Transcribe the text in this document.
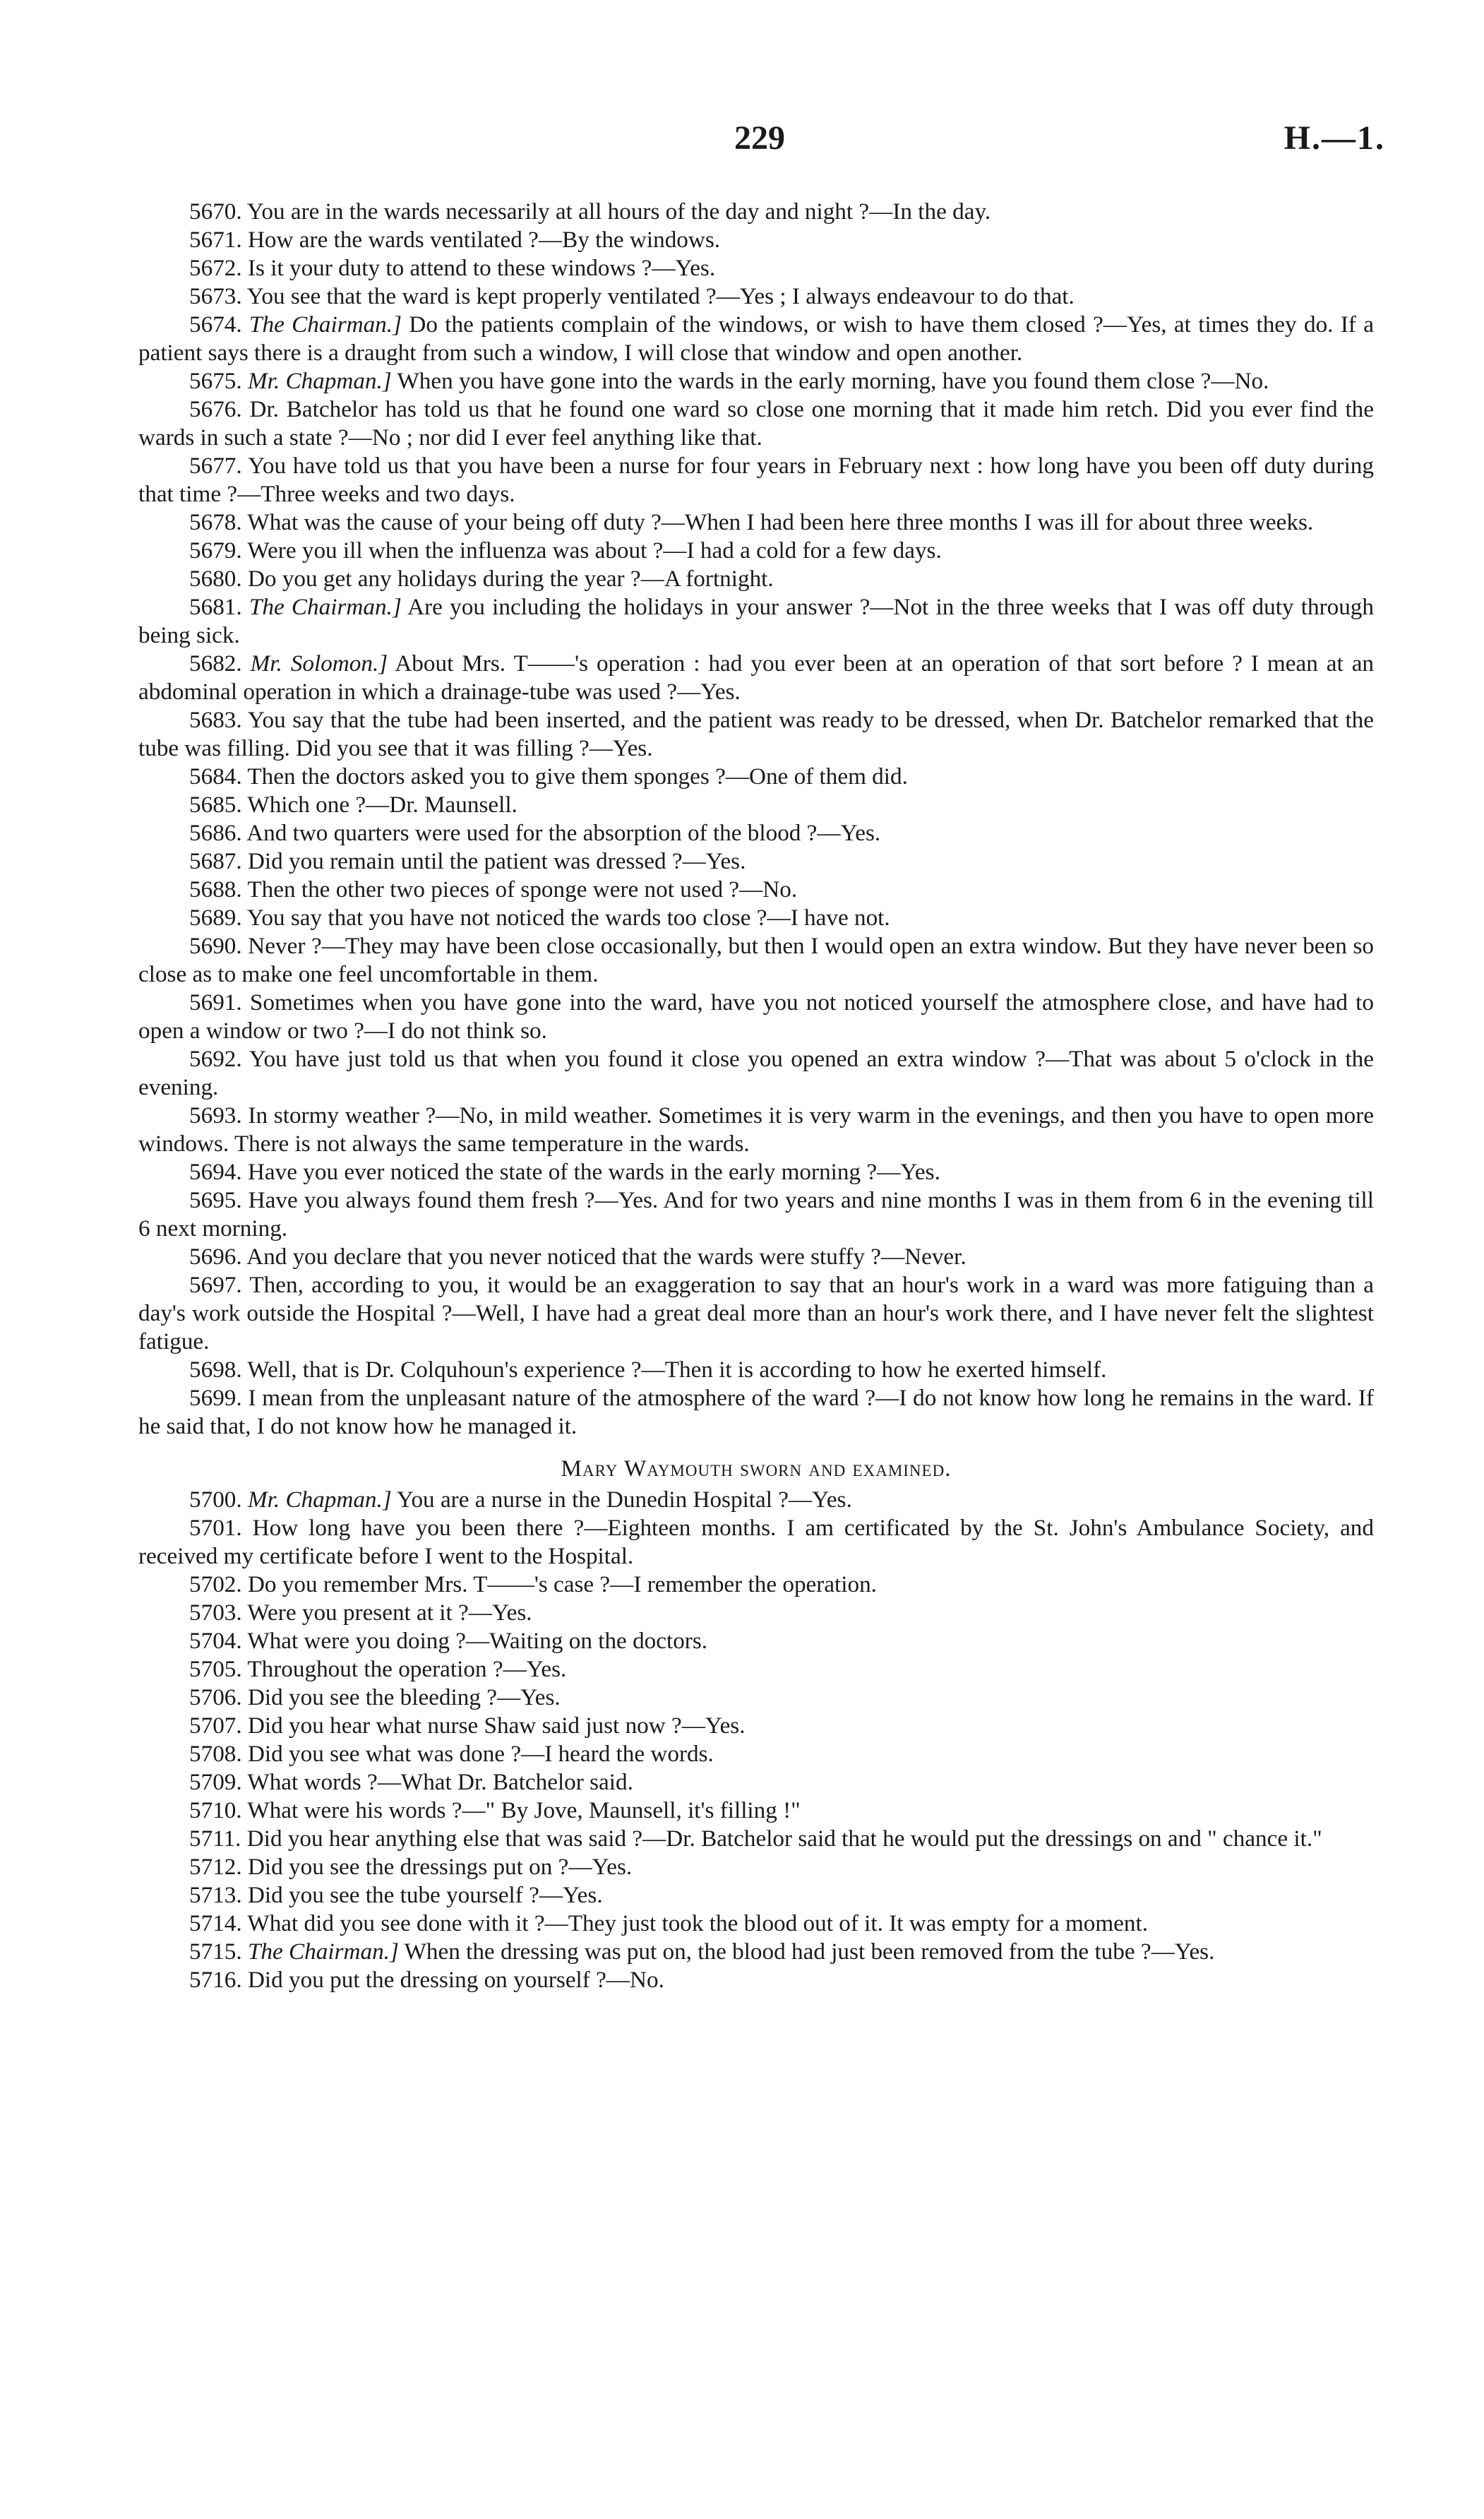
229	H.—1.

5670. You are in the wards necessarily at all hours of the day and night ?—In the day.

5671. How are the wards ventilated ?—By the windows.

5672. Is it your duty to attend to these windows ?—Yes.

5673. You see that the ward is kept properly ventilated ?—Yes ; I always endeavour to do that.

5674. The Chairman.] Do the patients complain of the windows, or wish to have them closed ?—Yes, at times they do. If a patient says there is a draught from such a window, I will close that window and open another.

5675. Mr. Chapman.] When you have gone into the wards in the early morning, have you found them close ?—No.

5676. Dr. Batchelor has told us that he found one ward so close one morning that it made him retch. Did you ever find the wards in such a state ?—No ; nor did I ever feel anything like that.

5677. You have told us that you have been a nurse for four years in February next : how long have you been off duty during that time ?—Three weeks and two days.

5678. What was the cause of your being off duty ?—When I had been here three months I was ill for about three weeks.

5679. Were you ill when the influenza was about ?—I had a cold for a few days.

5680. Do you get any holidays during the year ?—A fortnight.

5681. The Chairman.] Are you including the holidays in your answer ?—Not in the three weeks that I was off duty through being sick.

5682. Mr. Solomon.] About Mrs. T——'s operation : had you ever been at an operation of that sort before ? I mean at an abdominal operation in which a drainage-tube was used ?—Yes.

5683. You say that the tube had been inserted, and the patient was ready to be dressed, when Dr. Batchelor remarked that the tube was filling. Did you see that it was filling ?—Yes.

5684. Then the doctors asked you to give them sponges ?—One of them did.

5685. Which one ?—Dr. Maunsell.

5686. And two quarters were used for the absorption of the blood ?—Yes.

5687. Did you remain until the patient was dressed ?—Yes.

5688. Then the other two pieces of sponge were not used ?—No.

5689. You say that you have not noticed the wards too close ?—I have not.

5690. Never ?—They may have been close occasionally, but then I would open an extra window. But they have never been so close as to make one feel uncomfortable in them.

5691. Sometimes when you have gone into the ward, have you not noticed yourself the atmosphere close, and have had to open a window or two ?—I do not think so.

5692. You have just told us that when you found it close you opened an extra window ?—That was about 5 o'clock in the evening.

5693. In stormy weather ?—No, in mild weather. Sometimes it is very warm in the evenings, and then you have to open more windows. There is not always the same temperature in the wards.

5694. Have you ever noticed the state of the wards in the early morning ?—Yes.

5695. Have you always found them fresh ?—Yes. And for two years and nine months I was in them from 6 in the evening till 6 next morning.

5696. And you declare that you never noticed that the wards were stuffy ?—Never.

5697. Then, according to you, it would be an exaggeration to say that an hour's work in a ward was more fatiguing than a day's work outside the Hospital ?—Well, I have had a great deal more than an hour's work there, and I have never felt the slightest fatigue.

5698. Well, that is Dr. Colquhoun's experience ?—Then it is according to how he exerted himself.

5699. I mean from the unpleasant nature of the atmosphere of the ward ?—I do not know how long he remains in the ward. If he said that, I do not know how he managed it.

Mary Waymouth sworn and examined.

5700. Mr. Chapman.] You are a nurse in the Dunedin Hospital ?—Yes.

5701. How long have you been there ?—Eighteen months. I am certificated by the St. John's Ambulance Society, and received my certificate before I went to the Hospital.

5702. Do you remember Mrs. T——'s case ?—I remember the operation.

5703. Were you present at it ?—Yes.

5704. What were you doing ?—Waiting on the doctors.

5705. Throughout the operation ?—Yes.

5706. Did you see the bleeding ?—Yes.

5707. Did you hear what nurse Shaw said just now ?—Yes.

5708. Did you see what was done ?—I heard the words.

5709. What words ?—What Dr. Batchelor said.

5710. What were his words ?—" By Jove, Maunsell, it's filling !"

5711. Did you hear anything else that was said ?—Dr. Batchelor said that he would put the dressings on and " chance it."

5712. Did you see the dressings put on ?—Yes.

5713. Did you see the tube yourself ?—Yes.

5714. What did you see done with it ?—They just took the blood out of it. It was empty for a moment.

5715. The Chairman.] When the dressing was put on, the blood had just been removed from the tube ?—Yes.

5716. Did you put the dressing on yourself ?—No.
